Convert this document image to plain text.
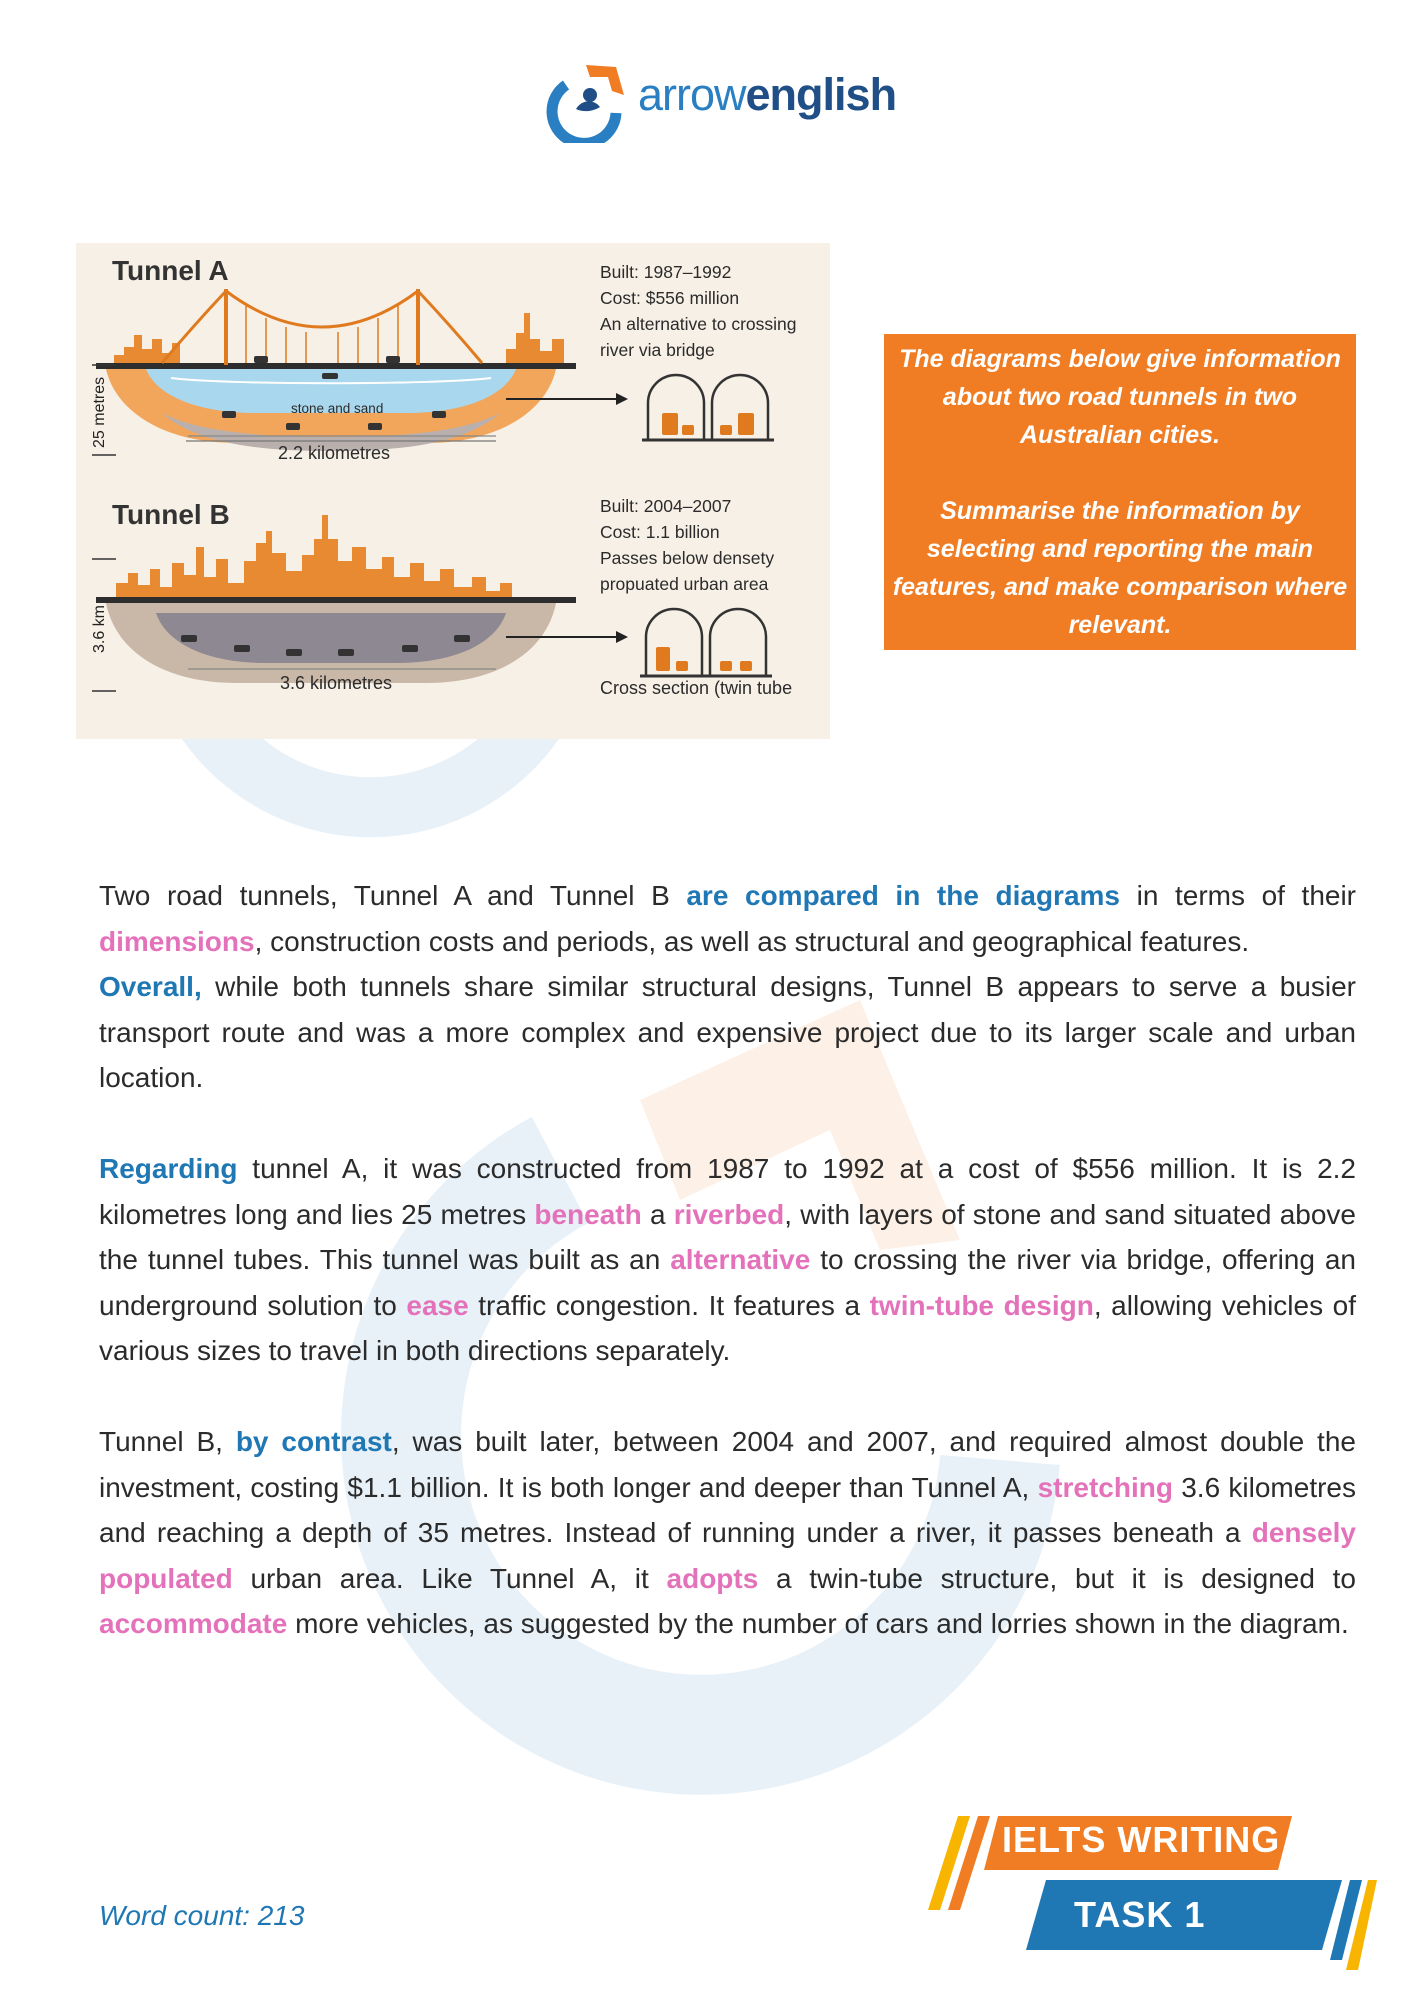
arrowenglish
Tunnel A	Built: 1987–1992
Cost: $556 million
An alternative to crossing
river via bridge
25 metres	stone and sand
2.2 kilometres
Tunnel B	Built: 2004–2007
Cost: 1.1 billion
Passes below densety
propuated urban area
3.6 km
3.6 kilometres	Cross section (twin tube

The diagrams below give information about two road tunnels in two Australian cities.

Summarise the information by selecting and reporting the main features, and make comparison where relevant.

Two road tunnels, Tunnel A and Tunnel B are compared in the diagrams in terms of their dimensions, construction costs and periods, as well as structural and geographical features.

Overall, while both tunnels share similar structural designs, Tunnel B appears to serve a busier transport route and was a more complex and expensive project due to its larger scale and urban location.

Regarding tunnel A, it was constructed from 1987 to 1992 at a cost of $556 million. It is 2.2 kilometres long and lies 25 metres beneath a riverbed, with layers of stone and sand situated above the tunnel tubes. This tunnel was built as an alternative to crossing the river via bridge, offering an underground solution to ease traffic congestion. It features a twin-tube design, allowing vehicles of various sizes to travel in both directions separately.

Tunnel B, by contrast, was built later, between 2004 and 2007, and required almost double the investment, costing $1.1 billion. It is both longer and deeper than Tunnel A, stretching 3.6 kilometres and reaching a depth of 35 metres. Instead of running under a river, it passes beneath a densely populated urban area. Like Tunnel A, it adopts a twin-tube structure, but it is designed to accommodate more vehicles, as suggested by the number of cars and lorries shown in the diagram.

Word count: 213
IELTS WRITING
TASK 1
